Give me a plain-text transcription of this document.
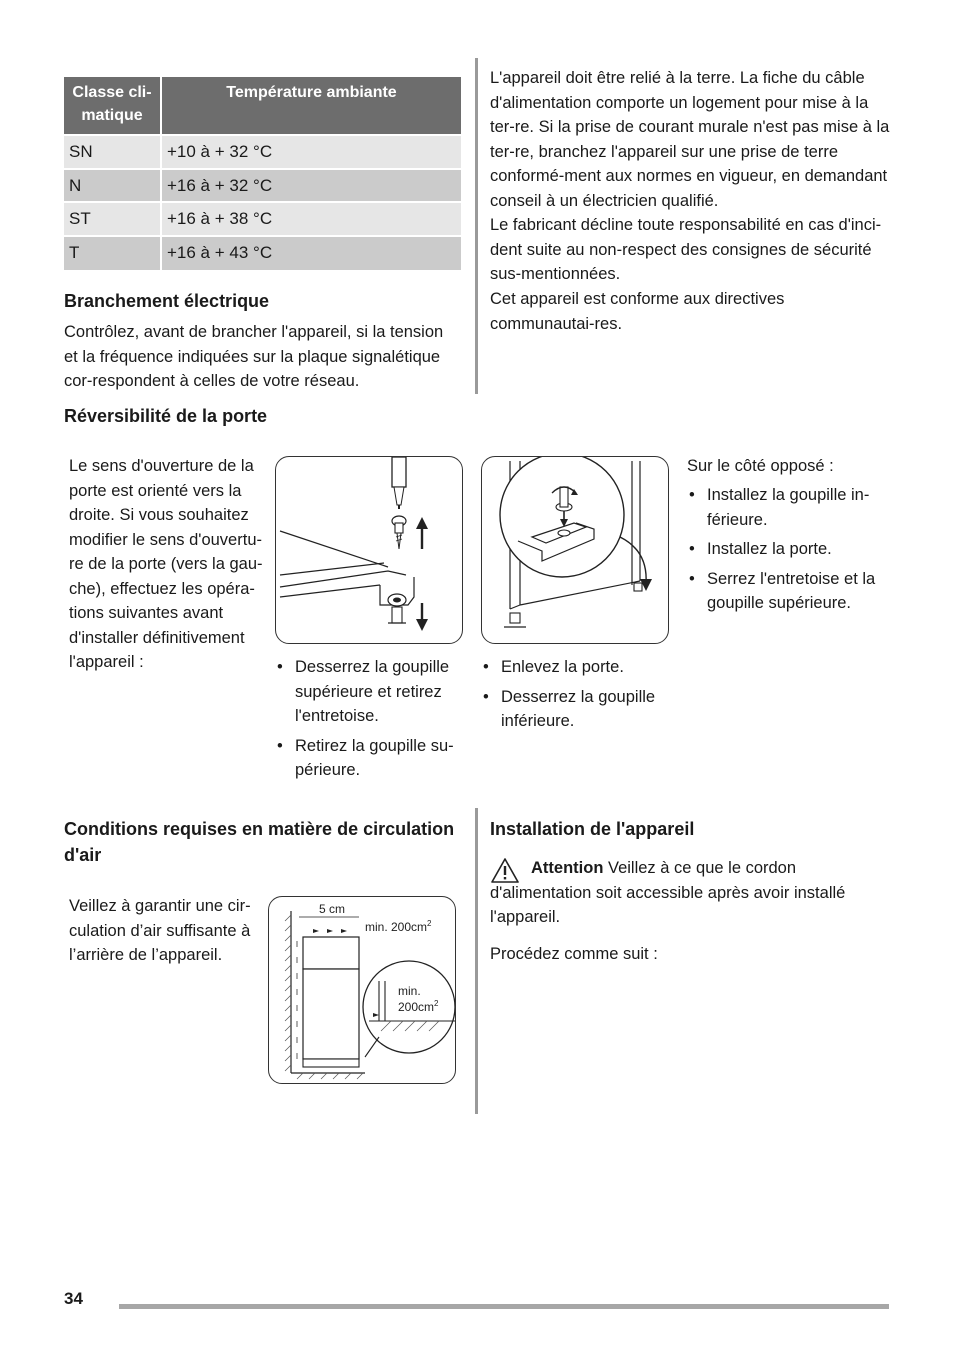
Classe cli-
matique	Température ambiante
SN	+10 à + 32 °C
N	+16 à + 32 °C
ST	+16 à + 38 °C
T	+16 à + 43 °C
Branchement électrique
Contrôlez, avant de brancher l'appareil, si la tension et la fréquence indiquées sur la plaque signalétique cor-respondent à celles de votre réseau.
L'appareil doit être relié à la terre. La fiche du câble d'alimentation comporte un logement pour mise à la ter-re. Si la prise de courant murale n'est pas mise à la ter-re, branchez l'appareil sur une prise de terre conformé-ment aux normes en vigueur, en demandant conseil à un électricien qualifié.
Le fabricant décline toute responsabilité en cas d'inci-dent suite au non-respect des consignes de sécurité sus-mentionnées.
Cet appareil est conforme aux directives communautai-res.
Réversibilité de la porte
Le sens d'ouverture de la porte est orienté vers la droite. Si vous souhaitez modifier le sens d'ouvertu-re de la porte (vers la gau-che), effectuez les opéra-tions suivantes avant d'installer définitivement l'appareil :	• Desserrez la goupille supérieure et retirez l'entretoise.
• Retirez la goupille su-périeure.
• Enlevez la porte.
• Desserrez la goupille inférieure.
Sur le côté opposé :
• Installez la goupille in-férieure.
• Installez la porte.
• Serrez l'entretoise et la goupille supérieure.
Conditions requises en matière de circulation d'air
Veillez à garantir une cir-culation d’air suffisante à l’arrière de l’appareil.
5 cm
min. $200cm^2$
min.
$200cm^2$
Installation de l'appareil
Attention Veillez à ce que le cordon d'alimentation soit accessible après avoir installé l'appareil.
Procédez comme suit :
34
